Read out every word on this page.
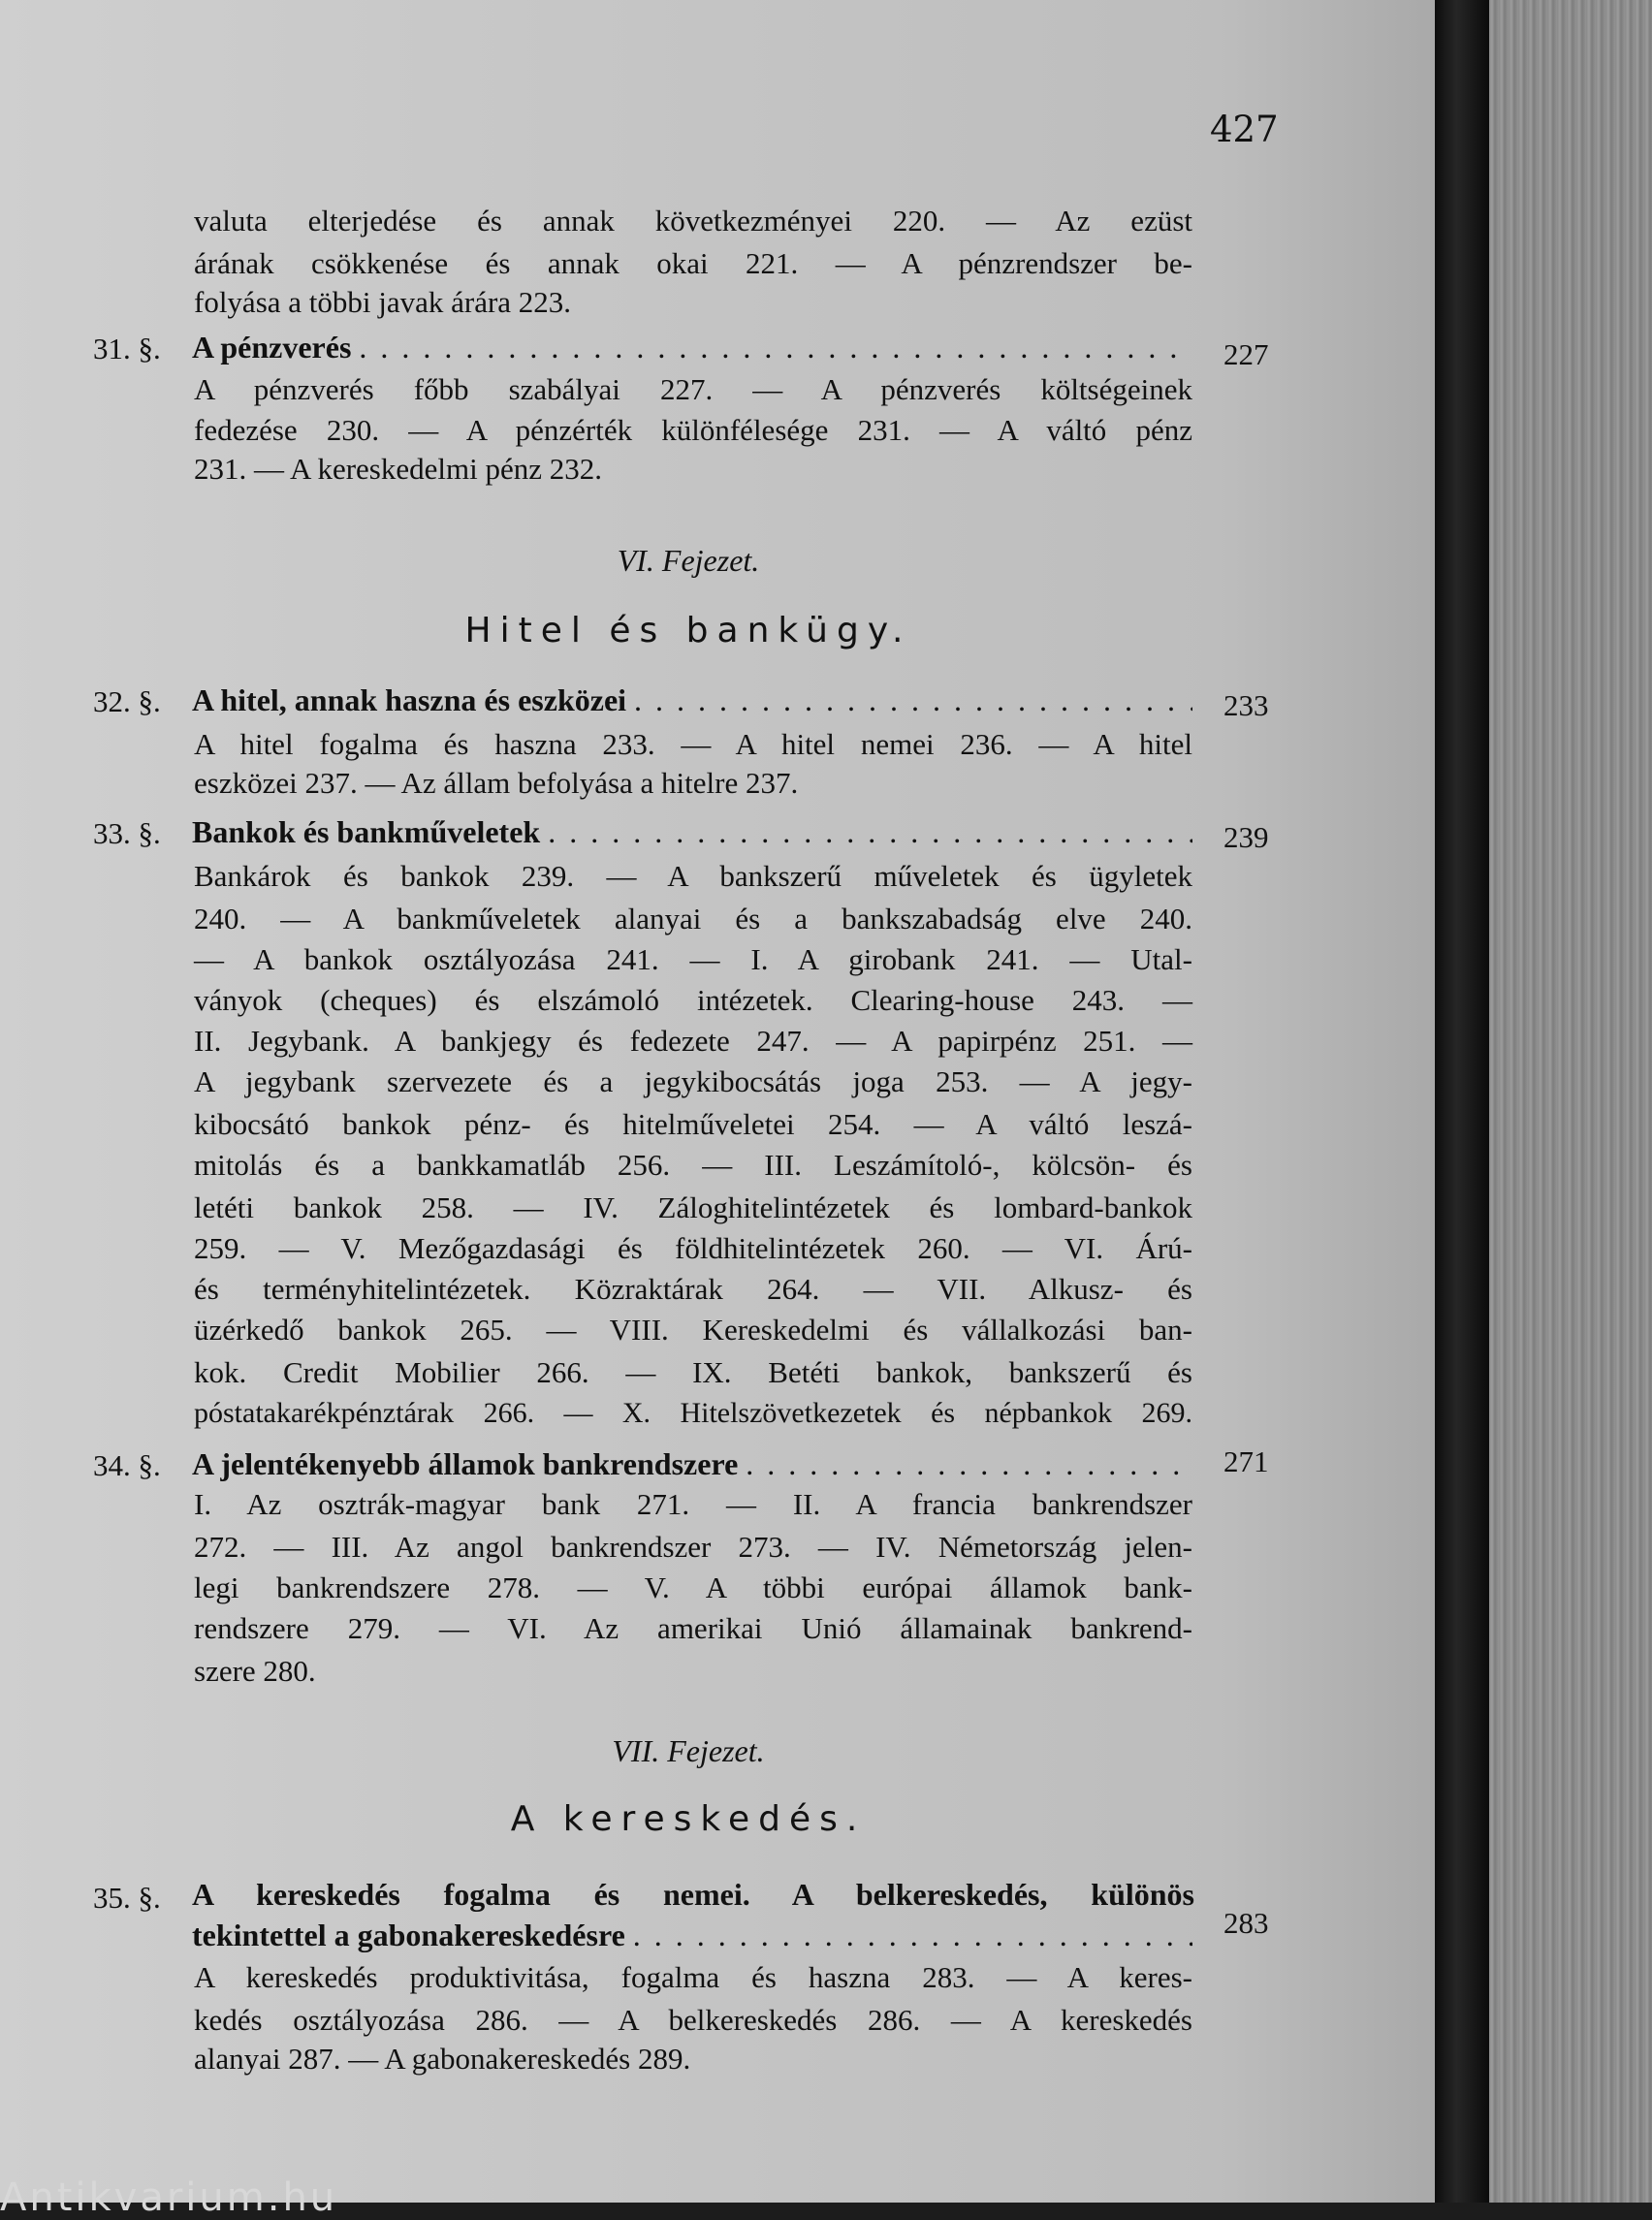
427
valuta elterjedése és annak következményei 220. — Az ezüst
árának csökkenése és annak okai 221. — A pénzrendszer be-
folyása a többi javak árára 223.
31. §. A pénzverés .....	227
A pénzverés főbb szabályai 227. — A pénzverés költségeinek
fedezése 230. — A pénzérték különfélesége 231. — A váltó pénz
231. — A kereskedelmi pénz 232.
VI. Fejezet.
Hitel és bankügy.
32. §. A hitel, annak haszna és eszközei .....	233
A hitel fogalma és haszna 233. — A hitel nemei 236. — A hitel
eszközei 237. — Az állam befolyása a hitelre 237.
33. §. Bankok és bankműveletek .....	239
Bankárok és bankok 239. — A bankszerű műveletek és ügyletek
240. — A bankműveletek alanyai és a bankszabadság elve 240.
— A bankok osztályozása 241. — I. A girobank 241. — Utal-
ványok (cheques) és elszámoló intézetek. Clearing-house 243. —
II. Jegybank. A bankjegy és fedezete 247. — A papirpénz 251. —
A jegybank szervezete és a jegykibocsátás joga 253. — A jegy-
kibocsátó bankok pénz- és hitelműveletei 254. — A váltó leszá-
mitolás és a bankkamatláb 256. — III. Leszámítoló-, kölcsön- és
letéti bankok 258. — IV. Záloghitelintézetek és lombard-bankok
259. — V. Mezőgazdasági és földhitelintézetek 260. — VI. Árú-
és terményhitelintézetek. Közraktárak 264. — VII. Alkusz- és
üzérkedő bankok 265. — VIII. Kereskedelmi és vállalkozási ban-
kok. Credit Mobilier 266. — IX. Betéti bankok, bankszerű és
póstatakarékpénztárak 266. — X. Hitelszövetkezetek és népbankok 269.
34. §. A jelentékenyebb államok bankrendszere .....	271
I. Az osztrák-magyar bank 271. — II. A francia bankrendszer
272. — III. Az angol bankrendszer 273. — IV. Németország jelen-
legi bankrendszere 278. — V. A többi európai államok bank-
rendszere 279. — VI. Az amerikai Unió államainak bankrend-
szere 280.
VII. Fejezet.
A kereskedés.
35. §. A kereskedés fogalma és nemei. A belkereskedés, különös
tekintettel a gabonakereskedésre .....	283
A kereskedés produktivitása, fogalma és haszna 283. — A keres-
kedés osztályozása 286. — A belkereskedés 286. — A kereskedés
alanyai 287. — A gabonakereskedés 289.
Antikvarium.hu
